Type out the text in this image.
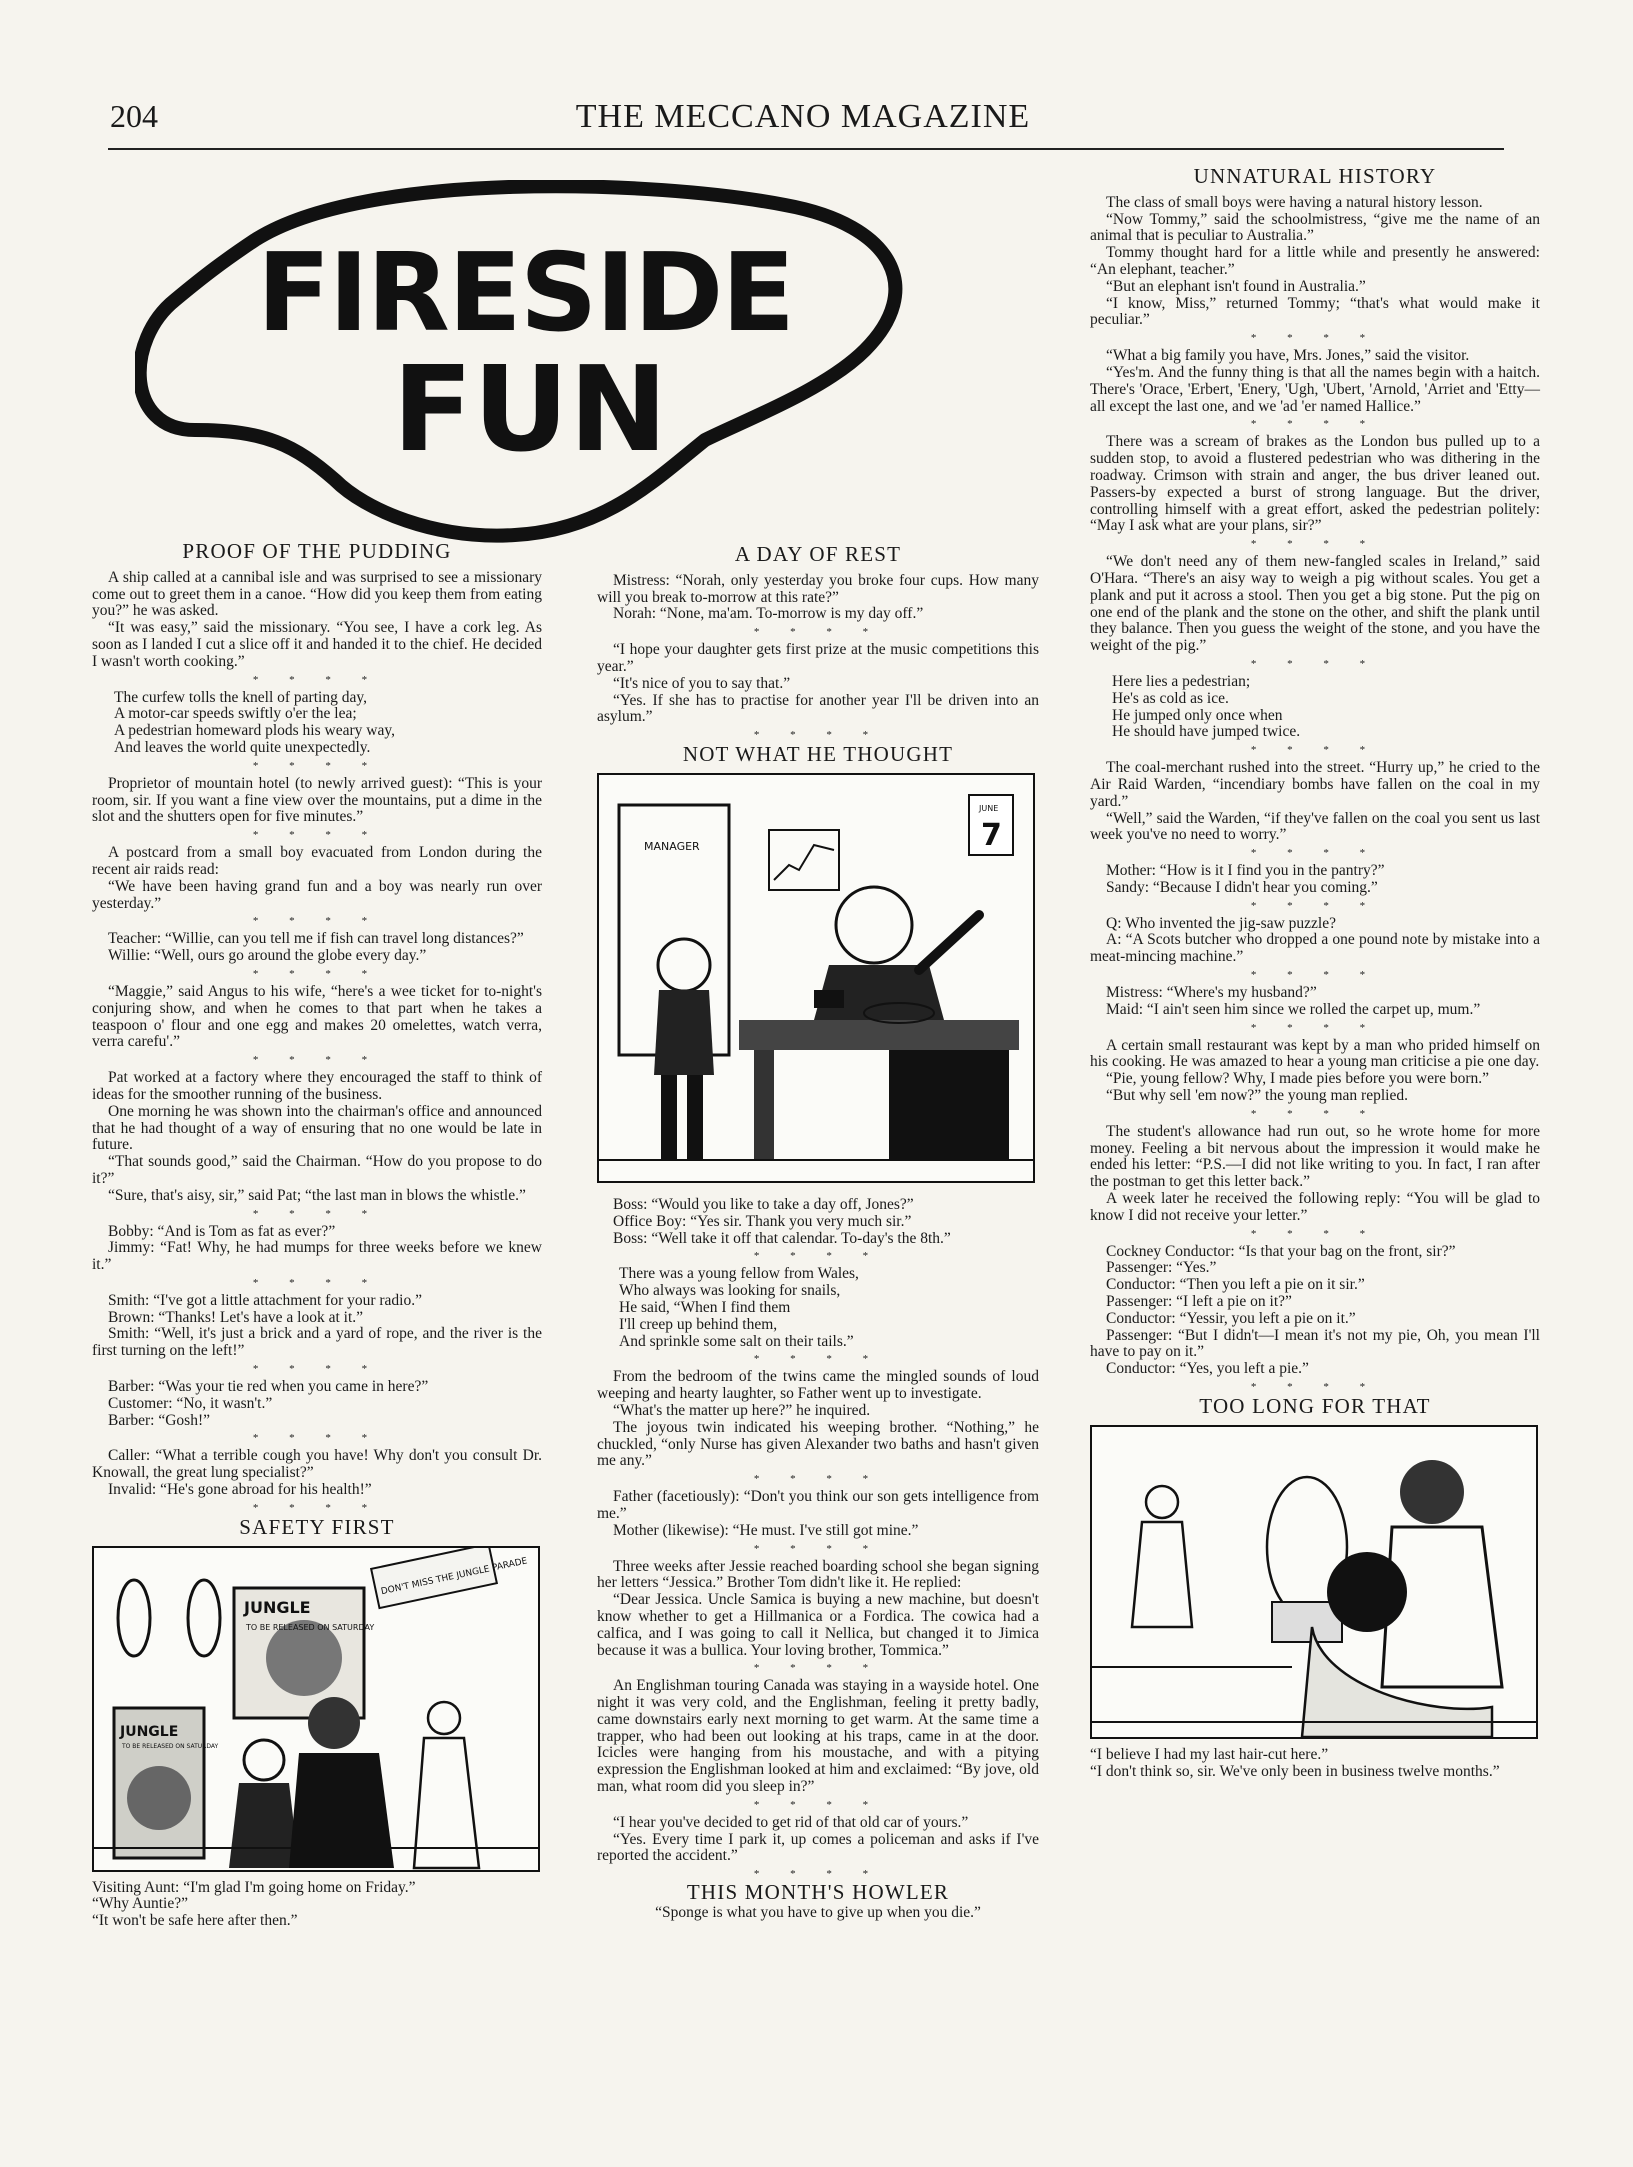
204	THE MECCANO MAGAZINE
FIRESIDE
FUN
PROOF OF THE PUDDING

A ship called at a cannibal isle and was surprised to see a missionary come out to greet them in a canoe. “How did you keep them from eating you?” he was asked.

“It was easy,” said the missionary. “You see, I have a cork leg. As soon as I landed I cut a slice off it and handed it to the chief. He decided I wasn't worth cooking.”

* * * *

The curfew tolls the knell of parting day,

A motor-car speeds swiftly o'er the lea;

A pedestrian homeward plods his weary way,

And leaves the world quite unexpectedly.

* * * *

Proprietor of mountain hotel (to newly arrived guest): “This is your room, sir. If you want a fine view over the mountains, put a dime in the slot and the shutters open for five minutes.”

* * * *

A postcard from a small boy evacuated from London during the recent air raids read:

“We have been having grand fun and a boy was nearly run over yesterday.”

* * * *

Teacher: “Willie, can you tell me if fish can travel long distances?”

Willie: “Well, ours go around the globe every day.”

* * * *

“Maggie,” said Angus to his wife, “here's a wee ticket for to-night's conjuring show, and when he comes to that part when he takes a teaspoon o' flour and one egg and makes 20 omelettes, watch verra, verra carefu'.”

* * * *

Pat worked at a factory where they encouraged the staff to think of ideas for the smoother running of the business.

One morning he was shown into the chairman's office and announced that he had thought of a way of ensuring that no one would be late in future.

“That sounds good,” said the Chairman. “How do you propose to do it?”

“Sure, that's aisy, sir,” said Pat; “the last man in blows the whistle.”

* * * *

Bobby: “And is Tom as fat as ever?”

Jimmy: “Fat! Why, he had mumps for three weeks before we knew it.”

* * * *

Smith: “I've got a little attachment for your radio.”

Brown: “Thanks! Let's have a look at it.”

Smith: “Well, it's just a brick and a yard of rope, and the river is the first turning on the left!”

* * * *

Barber: “Was your tie red when you came in here?”

Customer: “No, it wasn't.”

Barber: “Gosh!”

* * * *

Caller: “What a terrible cough you have! Why don't you consult Dr. Knowall, the great lung specialist?”

Invalid: “He's gone abroad for his health!”

* * * *
SAFETY FIRST
JUNGLE
TO BE RELEASED ON SATURDAY
DON'T MISS THE JUNGLE PARADE
JUNGLE
TO BE RELEASED ON SATURDAY

Visiting Aunt: “I'm glad I'm going home on Friday.”

“Why Auntie?”

“It won't be safe here after then.”

A DAY OF REST

Mistress: “Norah, only yesterday you broke four cups. How many will you break to-morrow at this rate?”

Norah: “None, ma'am. To-morrow is my day off.”

* * * *

“I hope your daughter gets first prize at the music competitions this year.”

“It's nice of you to say that.”

“Yes. If she has to practise for another year I'll be driven into an asylum.”

* * * *
NOT WHAT HE THOUGHT
MANAGER
JUNE
7

Boss: “Would you like to take a day off, Jones?”

Office Boy: “Yes sir. Thank you very much sir.”

Boss: “Well take it off that calendar. To-day's the 8th.”

* * * *

There was a young fellow from Wales,

Who always was looking for snails,

He said, “When I find them

I'll creep up behind them,

And sprinkle some salt on their tails.”

* * * *

From the bedroom of the twins came the mingled sounds of loud weeping and hearty laughter, so Father went up to investigate.

“What's the matter up here?” he inquired.

The joyous twin indicated his weeping brother. “Nothing,” he chuckled, “only Nurse has given Alexander two baths and hasn't given me any.”

* * * *

Father (facetiously): “Don't you think our son gets intelligence from me.”

Mother (likewise): “He must. I've still got mine.”

* * * *

Three weeks after Jessie reached boarding school she began signing her letters “Jessica.” Brother Tom didn't like it. He replied:

“Dear Jessica. Uncle Samica is buying a new machine, but doesn't know whether to get a Hillmanica or a Fordica. The cowica had a calfica, and I was going to call it Nellica, but changed it to Jimica because it was a bullica. Your loving brother, Tommica.”

* * * *

An Englishman touring Canada was staying in a wayside hotel. One night it was very cold, and the Englishman, feeling it pretty badly, came downstairs early next morning to get warm. At the same time a trapper, who had been out looking at his traps, came in at the door. Icicles were hanging from his moustache, and with a pitying expression the Englishman looked at him and exclaimed: “By jove, old man, what room did you sleep in?”

* * * *

“I hear you've decided to get rid of that old car of yours.”

“Yes. Every time I park it, up comes a policeman and asks if I've reported the accident.”

* * * *
THIS MONTH'S HOWLER

“Sponge is what you have to give up when you die.”

UNNATURAL HISTORY

The class of small boys were having a natural history lesson.

“Now Tommy,” said the schoolmistress, “give me the name of an animal that is peculiar to Australia.”

Tommy thought hard for a little while and presently he answered: “An elephant, teacher.”

“But an elephant isn't found in Australia.”

“I know, Miss,” returned Tommy; “that's what would make it peculiar.”

* * * *

“What a big family you have, Mrs. Jones,” said the visitor.

“Yes'm. And the funny thing is that all the names begin with a haitch. There's 'Orace, 'Erbert, 'Enery, 'Ugh, 'Ubert, 'Arnold, 'Arriet and 'Etty—all except the last one, and we 'ad 'er named Hallice.”

* * * *

There was a scream of brakes as the London bus pulled up to a sudden stop, to avoid a flustered pedestrian who was dithering in the roadway. Crimson with strain and anger, the bus driver leaned out. Passers-by expected a burst of strong language. But the driver, controlling himself with a great effort, asked the pedestrian politely: “May I ask what are your plans, sir?”

* * * *

“We don't need any of them new-fangled scales in Ireland,” said O'Hara. “There's an aisy way to weigh a pig without scales. You get a plank and put it across a stool. Then you get a big stone. Put the pig on one end of the plank and the stone on the other, and shift the plank until they balance. Then you guess the weight of the stone, and you have the weight of the pig.”

* * * *

Here lies a pedestrian;

He's as cold as ice.

He jumped only once when

He should have jumped twice.

* * * *

The coal-merchant rushed into the street. “Hurry up,” he cried to the Air Raid Warden, “incendiary bombs have fallen on the coal in my yard.”

“Well,” said the Warden, “if they've fallen on the coal you sent us last week you've no need to worry.”

* * * *

Mother: “How is it I find you in the pantry?”

Sandy: “Because I didn't hear you coming.”

* * * *

Q: Who invented the jig-saw puzzle?

A: “A Scots butcher who dropped a one pound note by mistake into a meat-mincing machine.”

* * * *

Mistress: “Where's my husband?”

Maid: “I ain't seen him since we rolled the carpet up, mum.”

* * * *

A certain small restaurant was kept by a man who prided himself on his cooking. He was amazed to hear a young man criticise a pie one day.

“Pie, young fellow? Why, I made pies before you were born.”

“But why sell 'em now?” the young man replied.

* * * *

The student's allowance had run out, so he wrote home for more money. Feeling a bit nervous about the impression it would make he ended his letter: “P.S.—I did not like writing to you. In fact, I ran after the postman to get this letter back.”

A week later he received the following reply: “You will be glad to know I did not receive your letter.”

* * * *

Cockney Conductor: “Is that your bag on the front, sir?”

Passenger: “Yes.”

Conductor: “Then you left a pie on it sir.”

Passenger: “I left a pie on it?”

Conductor: “Yessir, you left a pie on it.”

Passenger: “But I didn't—I mean it's not my pie, Oh, you mean I'll have to pay on it.”

Conductor: “Yes, you left a pie.”

* * * *
TOO LONG FOR THAT

“I believe I had my last hair-cut here.”

“I don't think so, sir. We've only been in business twelve months.”
